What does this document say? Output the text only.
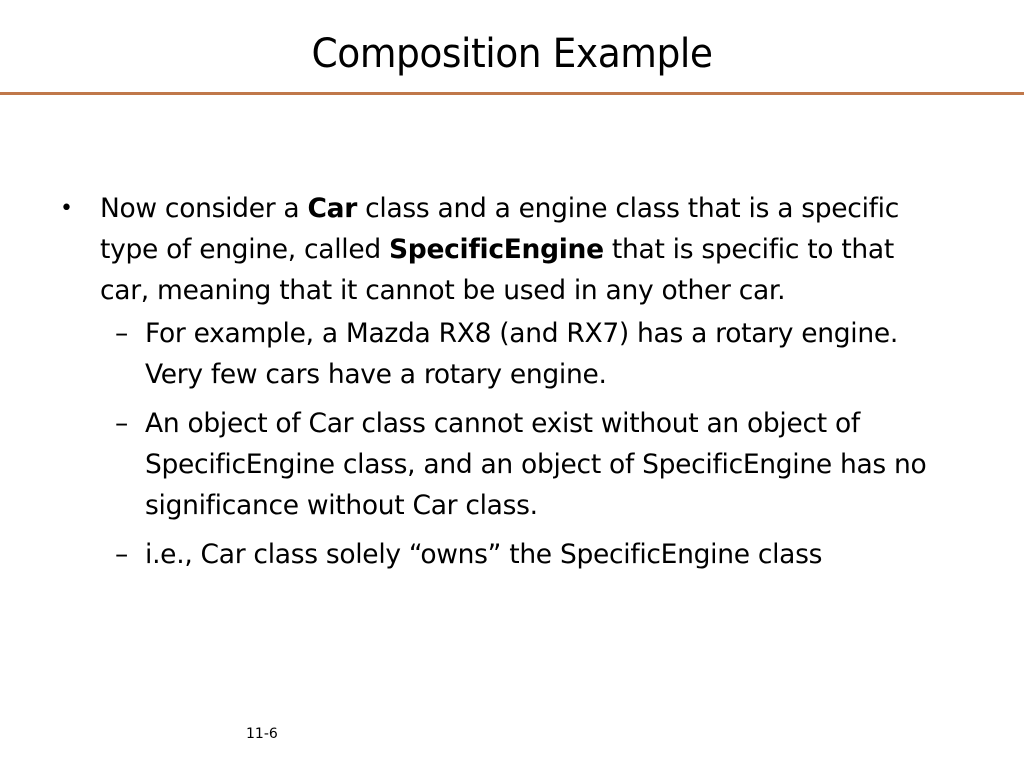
Composition Example
•	Now consider a Car class and a engine class that is a specific type of engine, called SpecificEngine that is specific to that car, meaning that it cannot be used in any other car.
– For example, a Mazda RX8 (and RX7) has a rotary engine. Very few cars have a rotary engine.
– An object of Car class cannot exist without an object of SpecificEngine class, and an object of SpecificEngine has no significance without Car class.
– i.e., Car class solely “owns” the SpecificEngine class
11-6
